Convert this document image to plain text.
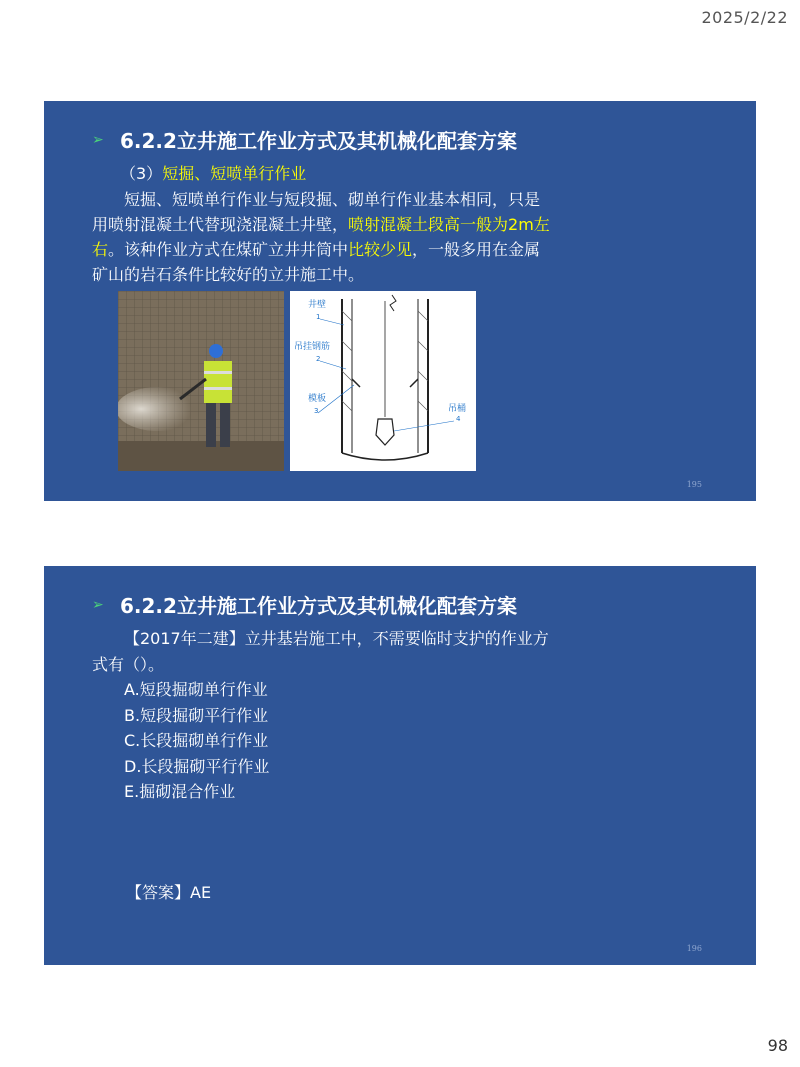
2025/2/22
➢ 6.2.2立井施工作业方式及其机械化配套方案
（3）短掘、短喷单行作业
短掘、短喷单行作业与短段掘、砌单行作业基本相同，只是
用喷射混凝土代替现浇混凝土井壁，喷射混凝土段高一般为2m左
右。该种作业方式在煤矿立井井筒中比较少见，一般多用在金属
矿山的岩石条件比较好的立井施工中。
井壁
1
吊挂钢筋
2
模板
3	吊桶
4
195
➢ 6.2.2立井施工作业方式及其机械化配套方案
【2017年二建】立井基岩施工中，不需要临时支护的作业方
式有（）。
A.短段掘砌单行作业
B.短段掘砌平行作业
C.长段掘砌单行作业
D.长段掘砌平行作业
E.掘砌混合作业
【答案】AE
196
98
